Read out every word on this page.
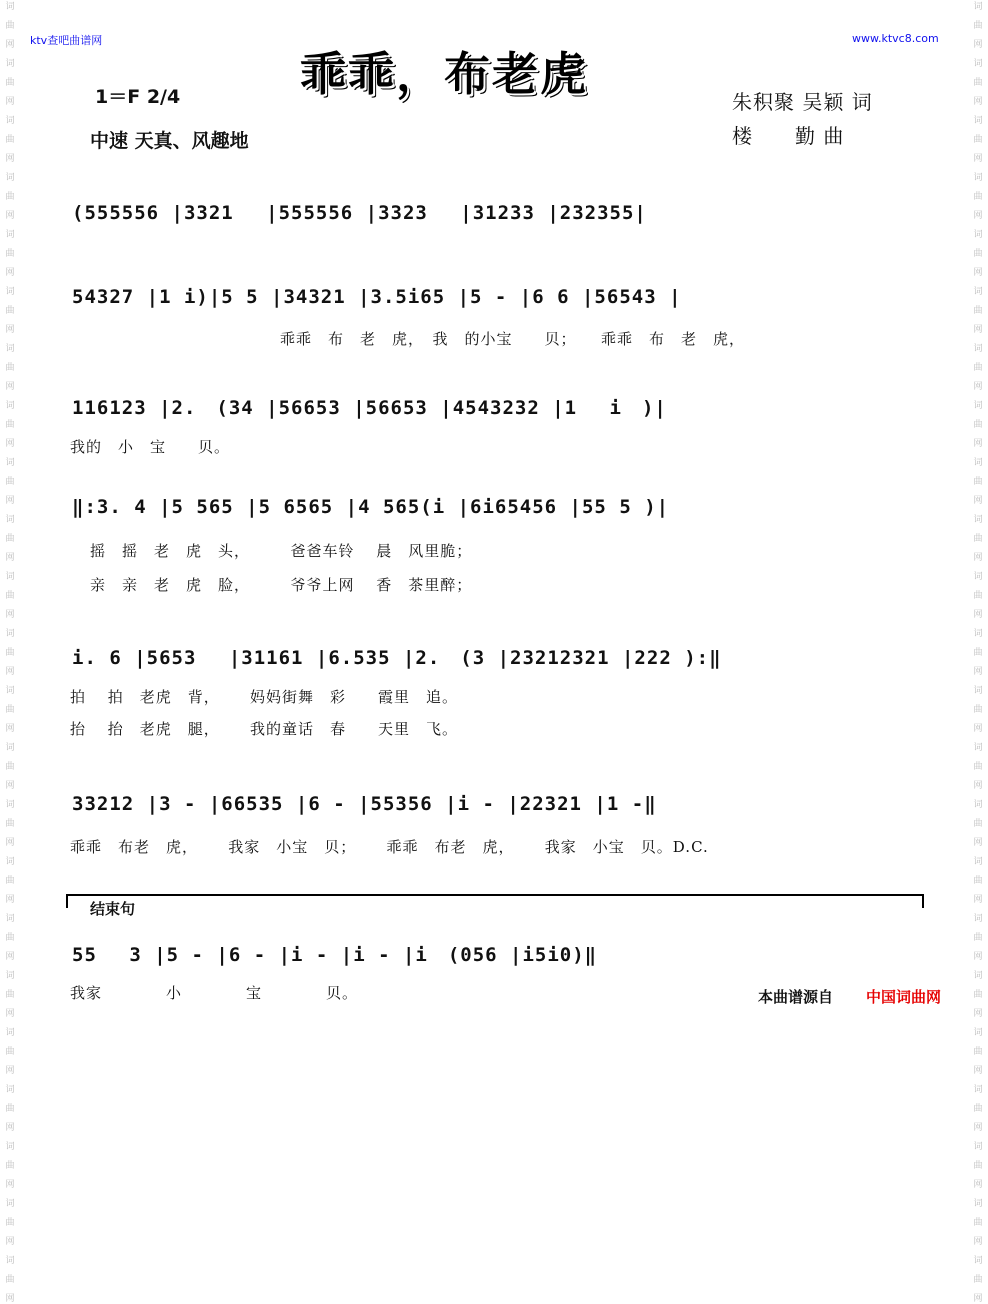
词
曲
网
词
曲
网
词
曲
网
词
曲
网
词
曲
网
词
曲
网
词
曲
网
词
曲
网
词
曲
网
词
曲
网
词
曲
网
词
曲
网
词
曲
网
词
曲
网
词
曲
网
词
曲
网
词
曲
网
词
曲
网
词
曲
网
词
曲
网
词
曲
网
词
曲
网
词
曲
网
词
曲
网
词
曲
网
词
曲
网
词
曲
网
词
曲
网
词
曲
网
词
曲
网
词
曲
网
词
曲
网
词
曲
网
词
曲
网
词
曲
网
词
曲
网
词
曲
网
词
曲
网
词
曲
网
词
曲
网
词
曲
网
词
曲
网
词
曲
网
词
曲
网
词
曲
网
词
曲
网
ktv查吧曲谱网	www.ktvc8.com
乖乖，布老虎
1＝F 2/4
中速 天真、风趣地
朱积聚 吴颖 词
楼　　勤 曲
(555556 |3321　 |555556 |3323　 |31233 |232355|
54327 |1 i)|5 5 |34321 |3.5i65 |5 - |6 6 |56543 |
乖乖　布　老　虎，　我　的小宝　　贝；　　乖乖　布　老　虎，
116123 |2.　(34 |56653 |56653 |4543232 |1　 i　)|
我的　小　宝　　贝。
‖:3. 4 |5 565 |5 6565 |4 565(i |6i65456 |55 5 )|
摇　摇　老　虎　头，　　　爸爸车铃　 晨　风里脆；
亲　亲　老　虎　脸，　　　爷爷上网　 香　茶里醉；
i. 6 |5653　 |31161 |6.535 |2.　(3 |23212321 |222 ):‖
拍　 拍　老虎　背，　　 妈妈街舞　彩　　霞里　追。
抬　 抬　老虎　腿，　　 我的童话　春　　天里　飞。
33212 |3 - |66535 |6 - |55356 |i - |22321 |1 -‖
乖乖　布老　虎，　　 我家　小宝　贝；　　 乖乖　布老　虎，　　 我家　小宝　贝。D.C.
结束句
55　 3 |5 - |6 - |i - |i - |i　(056 |i5i0)‖
我家　　　　小　　　　宝　　　　贝。	本曲谱源自 中国词曲网
